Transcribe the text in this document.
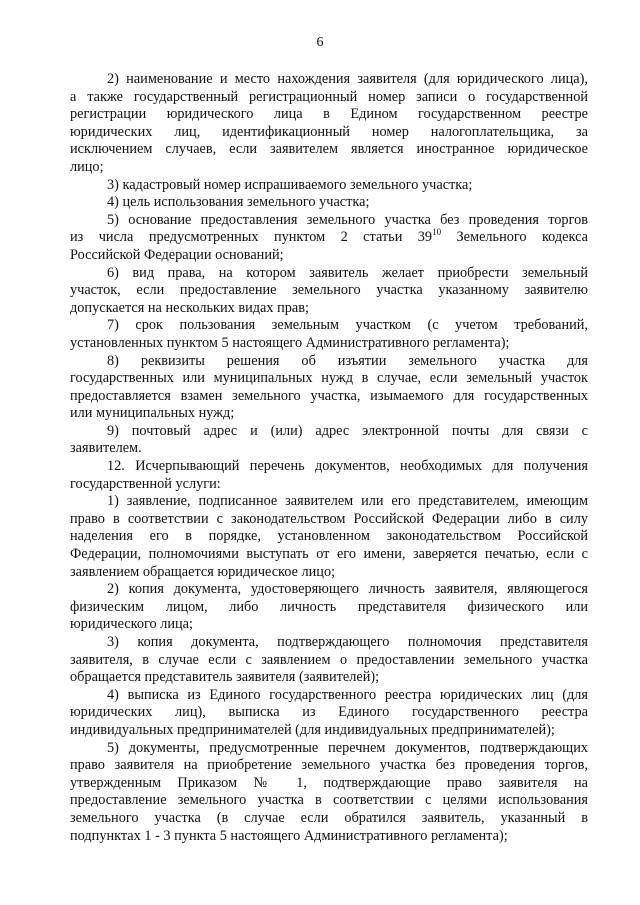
6
2) наименование и место нахождения заявителя (для юридического лица),
а также государственный регистрационный номер записи о государственной
регистрации юридического лица в Едином государственном реестре
юридических лиц, идентификационный номер налогоплательщика, за
исключением случаев, если заявителем является иностранное юридическое
лицо;
3) кадастровый номер испрашиваемого земельного участка;
4) цель использования земельного участка;
5) основание предоставления земельного участка без проведения торгов
из числа предусмотренных пунктом 2 статьи $39^{10}$ Земельного кодекса
Российской Федерации оснований;
6) вид права, на котором заявитель желает приобрести земельный
участок, если предоставление земельного участка указанному заявителю
допускается на нескольких видах прав;
7) срок пользования земельным участком (с учетом требований,
установленных пунктом 5 настоящего Административного регламента);
8) реквизиты решения об изъятии земельного участка для
государственных или муниципальных нужд в случае, если земельный участок
предоставляется взамен земельного участка, изымаемого для государственных
или муниципальных нужд;
9) почтовый адрес и (или) адрес электронной почты для связи с
заявителем.
12. Исчерпывающий перечень документов, необходимых для получения
государственной услуги:
1) заявление, подписанное заявителем или его представителем, имеющим
право в соответствии с законодательством Российской Федерации либо в силу
наделения его в порядке, установленном законодательством Российской
Федерации, полномочиями выступать от его имени, заверяется печатью, если с
заявлением обращается юридическое лицо;
2) копия документа, удостоверяющего личность заявителя, являющегося
физическим лицом, либо личность представителя физического или
юридического лица;
3) копия документа, подтверждающего полномочия представителя
заявителя, в случае если с заявлением о предоставлении земельного участка
обращается представитель заявителя (заявителей);
4) выписка из Единого государственного реестра юридических лиц (для
юридических лиц), выписка из Единого государственного реестра
индивидуальных предпринимателей (для индивидуальных предпринимателей);
5) документы, предусмотренные перечнем документов, подтверждающих
право заявителя на приобретение земельного участка без проведения торгов,
утвержденным Приказом № 1, подтверждающие право заявителя на
предоставление земельного участка в соответствии с целями использования
земельного участка (в случае если обратился заявитель, указанный в
подпунктах 1 - 3 пункта 5 настоящего Административного регламента);
